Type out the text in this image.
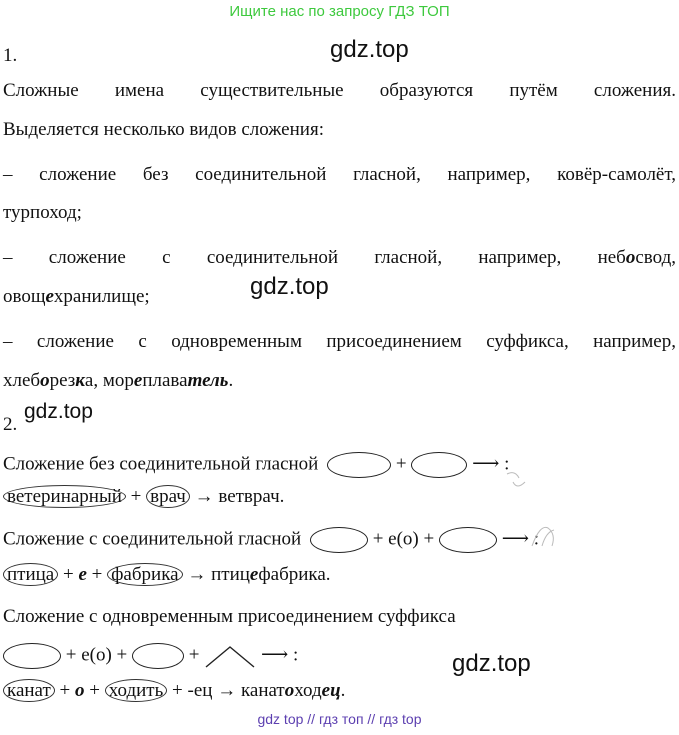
Ищите нас по запросу ГДЗ ТОП
gdz.top
gdz.top
gdz.top
gdz.top
1.
Сложные имена существительные образуются путём сложения.
Выделяется несколько видов сложения:
– сложение без соединительной гласной, например, ковёр-самолёт,
турпоход;
– сложение с соединительной гласной, например, небосвод,
овощехранилище;
– сложение с одновременным присоединением суффикса, например,
хлеборезка, мореплаватель.
2.
Сложение без соединительной гласной	+	⟶ :
ветеринарный + врач → ветврач.
Сложение с соединительной гласной	+ е(о) +	⟶ :
птица + е + фабрика → птицефабрика.
Сложение с одновременным присоединением суффикса
+ е(о) +	+	⟶ :
канат + о + ходить + -ец → канатоходец.
gdz top // гдз топ // гдз top
